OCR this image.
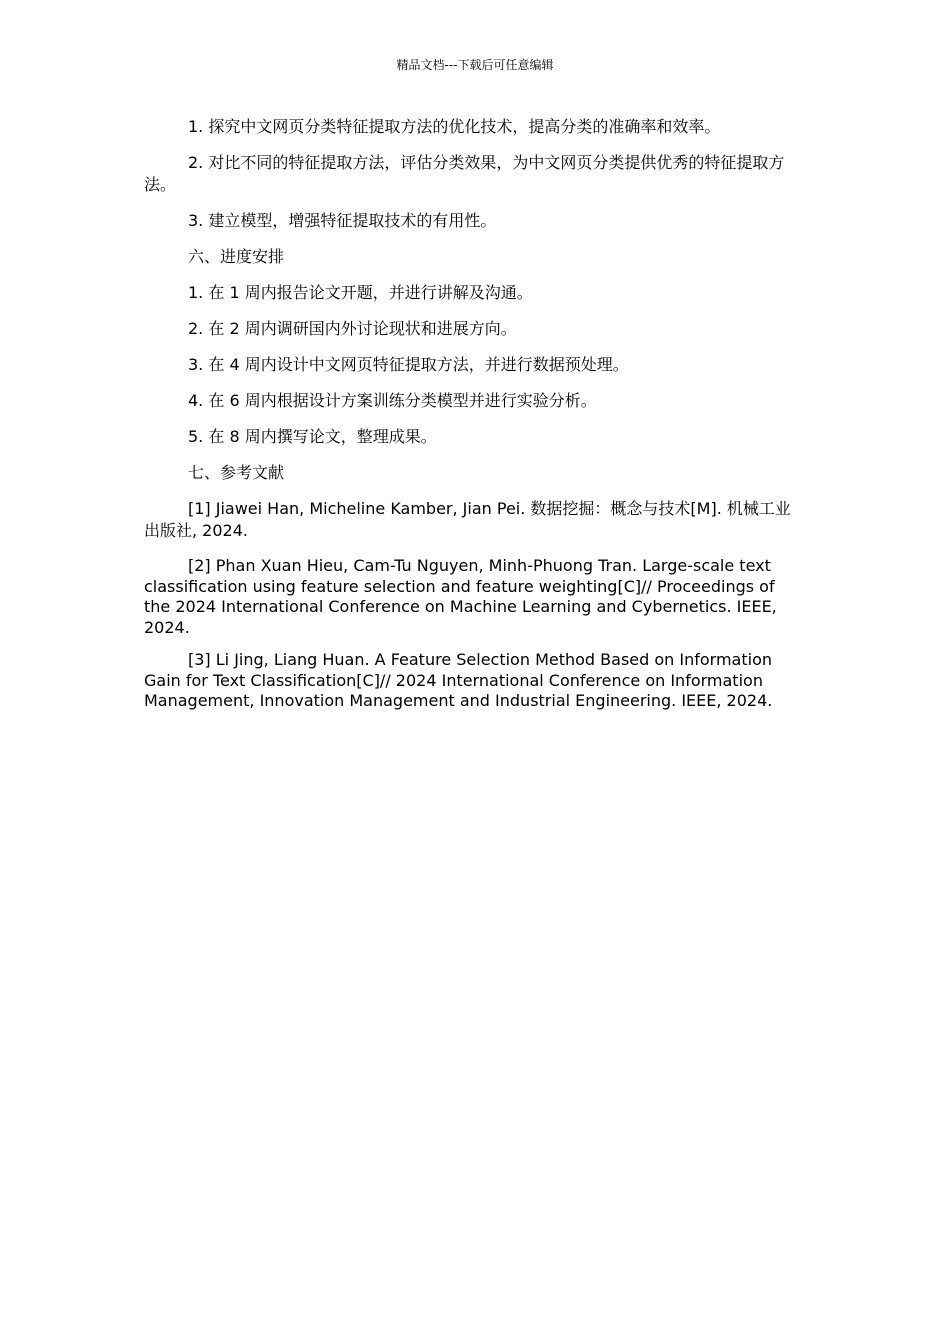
精品文档---下载后可任意编辑

1. 探究中文网页分类特征提取方法的优化技术，提高分类的准确率和效率。

2. 对比不同的特征提取方法，评估分类效果，为中文网页分类提供优秀的特征提取方法。

3. 建立模型，增强特征提取技术的有用性。

六、进度安排

1. 在 1 周内报告论文开题，并进行讲解及沟通。

2. 在 2 周内调研国内外讨论现状和进展方向。

3. 在 4 周内设计中文网页特征提取方法，并进行数据预处理。

4. 在 6 周内根据设计方案训练分类模型并进行实验分析。

5. 在 8 周内撰写论文，整理成果。

七、参考文献

[1] Jiawei Han, Micheline Kamber, Jian Pei. 数据挖掘：概念与技术[M]. 机械工业出版社, 2024.

[2] Phan Xuan Hieu, Cam-Tu Nguyen, Minh-Phuong Tran. Large-scale text classification using feature selection and feature weighting[C]// Proceedings of the 2024 International Conference on Machine Learning and Cybernetics. IEEE, 2024.

[3] Li Jing, Liang Huan. A Feature Selection Method Based on Information Gain for Text Classification[C]// 2024 International Conference on Information Management, Innovation Management and Industrial Engineering. IEEE, 2024.
